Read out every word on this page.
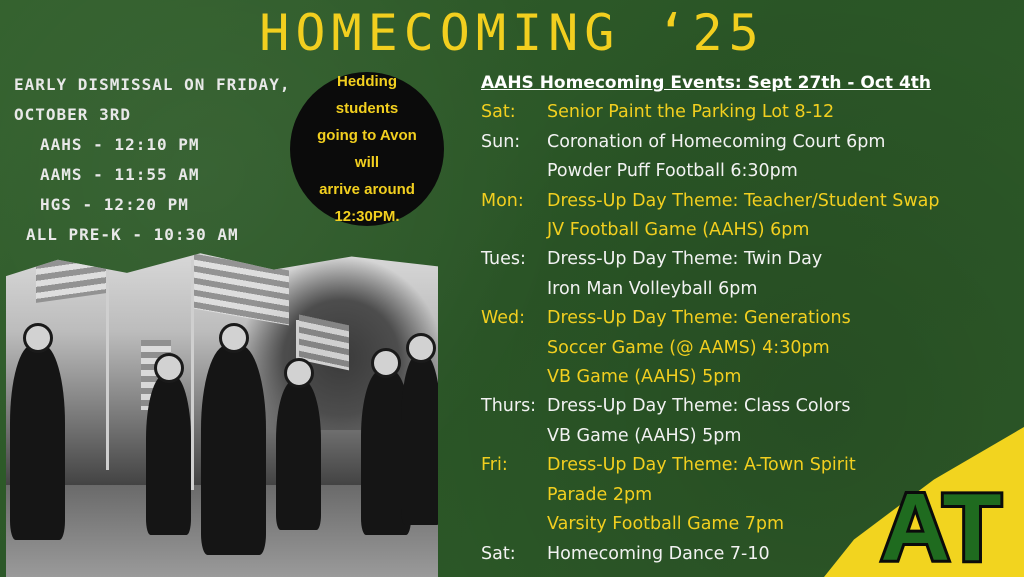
HOMECOMING ‘25
EARLY DISMISSAL ON FRIDAY,
OCTOBER 3RD
AAHS - 12:10 PM
AAMS - 11:55 AM
HGS - 12:20 PM
ALL PRE-K - 10:30 AM
Hedding students
going to Avon will
arrive around
12:30PM.
AAHS Homecoming Events: Sept 27th - Oct 4th
Sat:	Senior Paint the Parking Lot 8-12
Sun:	Coronation of Homecoming Court 6pm
Powder Puff Football 6:30pm
Mon:	Dress-Up Day Theme: Teacher/Student Swap
JV Football Game (AAHS) 6pm
Tues:	Dress-Up Day Theme: Twin Day
Iron Man Volleyball 6pm
Wed:	Dress-Up Day Theme: Generations
Soccer Game (@ AAMS) 4:30pm
VB Game (AAHS) 5pm
Thurs: Dress-Up Day Theme: Class Colors
VB Game (AAHS) 5pm
Fri:	Dress-Up Day Theme: A-Town Spirit
Parade 2pm
Varsity Football Game 7pm
Sat:	Homecoming Dance 7-10 AT
